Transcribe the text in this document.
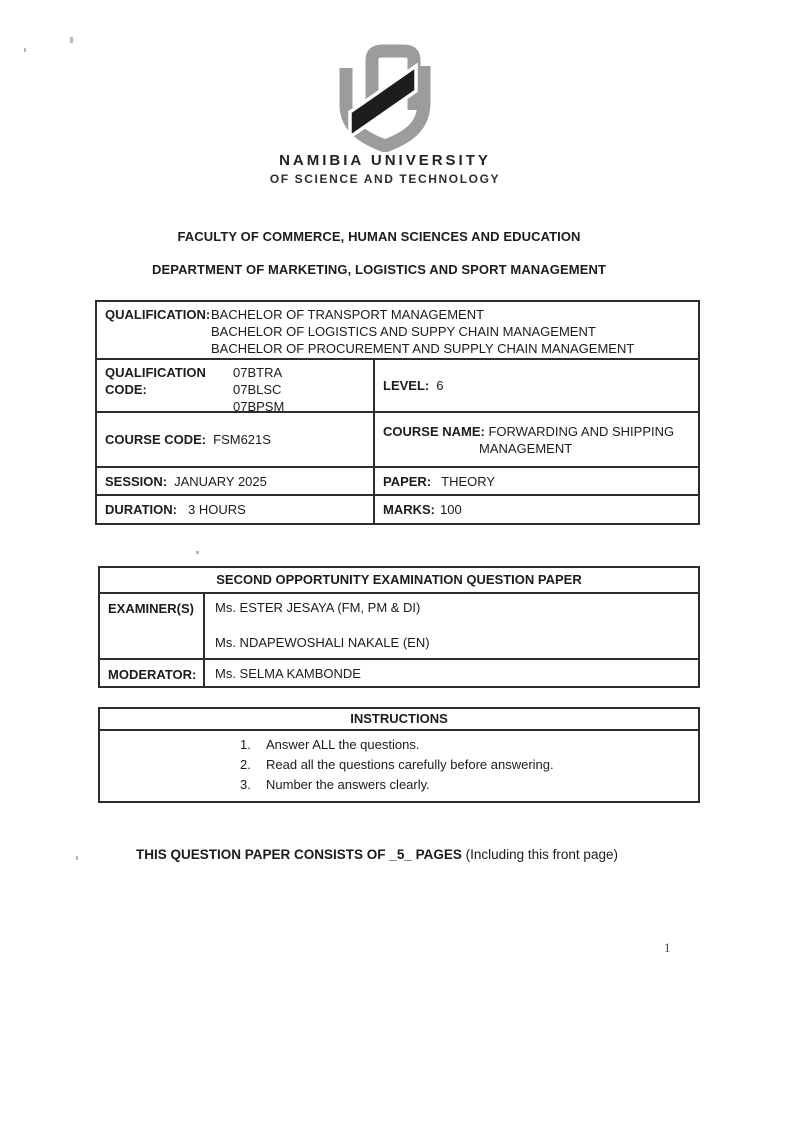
NAMIBIA UNIVERSITY
OF SCIENCE AND TECHNOLOGY
FACULTY OF COMMERCE, HUMAN SCIENCES AND EDUCATION
DEPARTMENT OF MARKETING, LOGISTICS AND SPORT MANAGEMENT
QUALIFICATION: BACHELOR OF TRANSPORT MANAGEMENT
BACHELOR OF LOGISTICS AND SUPPY CHAIN MANAGEMENT
BACHELOR OF PROCUREMENT AND SUPPLY CHAIN MANAGEMENT
QUALIFICATION CODE:
07BTRA
07BLSC
07BPSM
LEVEL: 6
COURSE CODE: FSM621S
COURSE NAME: FORWARDING AND SHIPPING
MANAGEMENT
SESSION: JANUARY 2025	PAPER: THEORY
DURATION: 3 HOURS	MARKS: 100
SECOND OPPORTUNITY EXAMINATION QUESTION PAPER
EXAMINER(S)	Ms. ESTER JESAYA (FM, PM & DI)
Ms. NDAPEWOSHALI NAKALE (EN)
MODERATOR:	Ms. SELMA KAMBONDE
INSTRUCTIONS
Answer ALL the questions.
Read all the questions carefully before answering.
Number the answers clearly.
THIS QUESTION PAPER CONSISTS OF _5_ PAGES (Including this front page)
1
